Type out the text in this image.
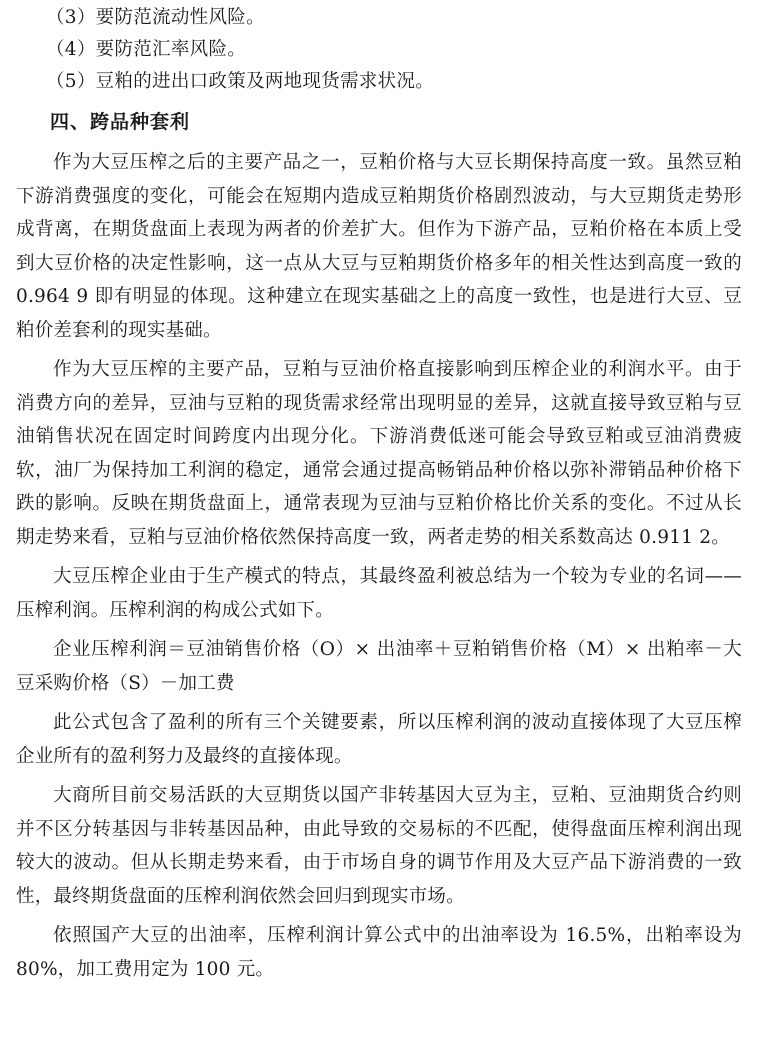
（3）要防范流动性风险。
（4）要防范汇率风险。
（5）豆粕的进出口政策及两地现货需求状况。
四、跨品种套利

作为大豆压榨之后的主要产品之一，豆粕价格与大豆长期保持高度一致。虽然豆粕下游消费强度的变化，可能会在短期内造成豆粕期货价格剧烈波动，与大豆期货走势形成背离，在期货盘面上表现为两者的价差扩大。但作为下游产品，豆粕价格在本质上受到大豆价格的决定性影响，这一点从大豆与豆粕期货价格多年的相关性达到高度一致的 0.964 9 即有明显的体现。这种建立在现实基础之上的高度一致性，也是进行大豆、豆粕价差套利的现实基础。

作为大豆压榨的主要产品，豆粕与豆油价格直接影响到压榨企业的利润水平。由于消费方向的差异，豆油与豆粕的现货需求经常出现明显的差异，这就直接导致豆粕与豆油销售状况在固定时间跨度内出现分化。下游消费低迷可能会导致豆粕或豆油消费疲软，油厂为保持加工利润的稳定，通常会通过提高畅销品种价格以弥补滞销品种价格下跌的影响。反映在期货盘面上，通常表现为豆油与豆粕价格比价关系的变化。不过从长期走势来看，豆粕与豆油价格依然保持高度一致，两者走势的相关系数高达 0.911 2。

大豆压榨企业由于生产模式的特点，其最终盈利被总结为一个较为专业的名词——压榨利润。压榨利润的构成公式如下。

企业压榨利润＝豆油销售价格（O）× 出油率＋豆粕销售价格（M）× 出粕率－大豆采购价格（S）－加工费

此公式包含了盈利的所有三个关键要素，所以压榨利润的波动直接体现了大豆压榨企业所有的盈利努力及最终的直接体现。

大商所目前交易活跃的大豆期货以国产非转基因大豆为主，豆粕、豆油期货合约则并不区分转基因与非转基因品种，由此导致的交易标的不匹配，使得盘面压榨利润出现较大的波动。但从长期走势来看，由于市场自身的调节作用及大豆产品下游消费的一致性，最终期货盘面的压榨利润依然会回归到现实市场。

依照国产大豆的出油率，压榨利润计算公式中的出油率设为 16.5%，出粕率设为 80%，加工费用定为 100 元。
